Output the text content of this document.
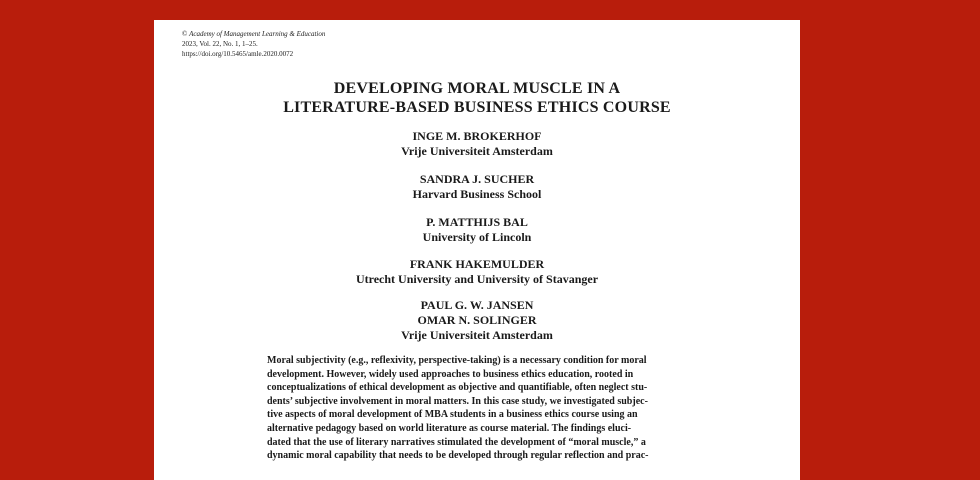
© Academy of Management Learning & Education
2023, Vol. 22, No. 1, 1–25.
https://doi.org/10.5465/amle.2020.0072
DEVELOPING MORAL MUSCLE IN A
LITERATURE-BASED BUSINESS ETHICS COURSE
INGE M. BROKERHOF
Vrije Universiteit Amsterdam
SANDRA J. SUCHER
Harvard Business School
P. MATTHIJS BAL
University of Lincoln
FRANK HAKEMULDER
Utrecht University and University of Stavanger
PAUL G. W. JANSEN
OMAR N. SOLINGER
Vrije Universiteit Amsterdam
Moral subjectivity (e.g., reflexivity, perspective-taking) is a necessary condition for moral
development. However, widely used approaches to business ethics education, rooted in
conceptualizations of ethical development as objective and quantifiable, often neglect stu-
dents’ subjective involvement in moral matters. In this case study, we investigated subjec-
tive aspects of moral development of MBA students in a business ethics course using an
alternative pedagogy based on world literature as course material. The findings eluci-
dated that the use of literary narratives stimulated the development of “moral muscle,” a
dynamic moral capability that needs to be developed through regular reflection and prac-
